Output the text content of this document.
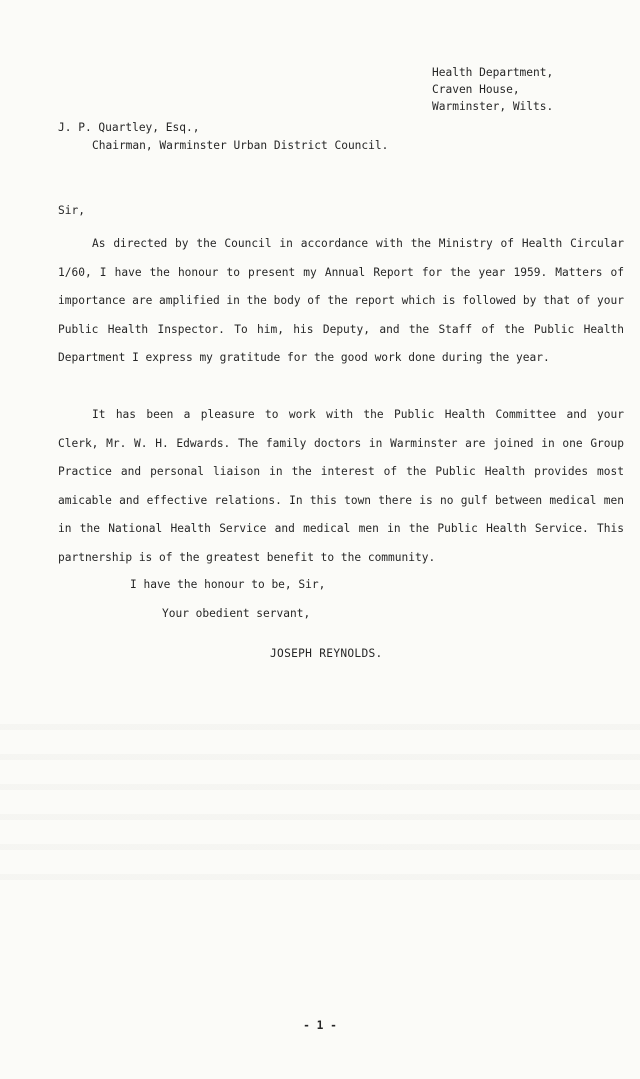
Health Department,
Craven House,
Warminster, Wilts.
J. P. Quartley, Esq.,
Chairman, Warminster Urban District Council.
Sir,
As directed by the Council in accordance with the Ministry of Health Circular 1/60, I have the honour to present my Annual Report for the year 1959. Matters of importance are amplified in the body of the report which is followed by that of your Public Health Inspector. To him, his Deputy, and the Staff of the Public Health Department I express my gratitude for the good work done during the year.
It has been a pleasure to work with the Public Health Committee and your Clerk, Mr. W. H. Edwards. The family doctors in Warminster are joined in one Group Practice and personal liaison in the interest of the Public Health provides most amicable and effective relations. In this town there is no gulf between medical men in the National Health Service and medical men in the Public Health Service. This partnership is of the greatest benefit to the community.
I have the honour to be, Sir,
Your obedient servant,
JOSEPH REYNOLDS.
- 1 -
